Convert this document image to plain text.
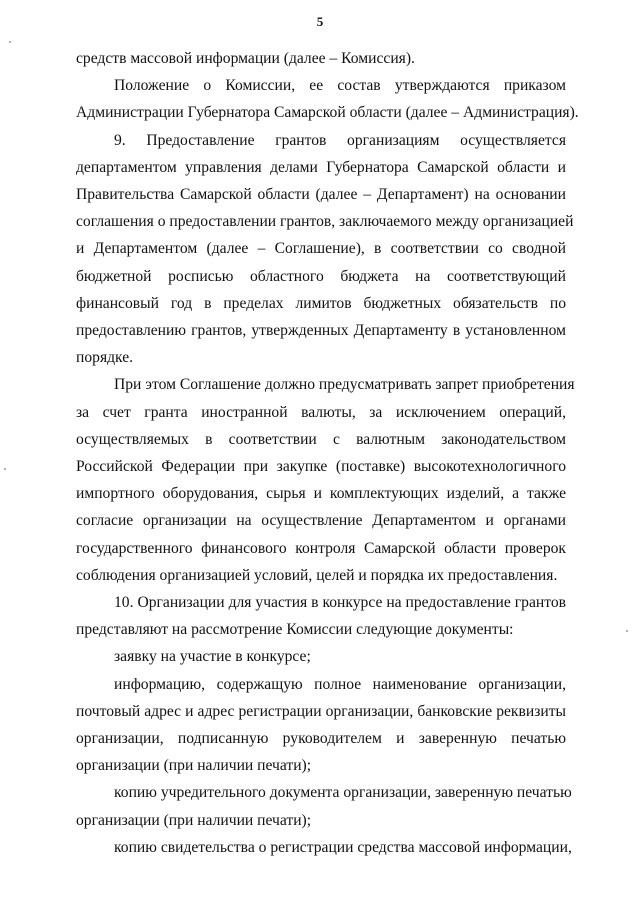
5

средств массовой информации (далее – Комиссия).

Положение о Комиссии, ее состав утверждаются приказом
Администрации Губернатора Самарской области (далее – Администрация).

9. Предоставление грантов организациям осуществляется
департаментом управления делами Губернатора Самарской области и
Правительства Самарской области (далее – Департамент) на основании
соглашения о предоставлении грантов, заключаемого между организацией
и Департаментом (далее – Соглашение), в соответствии со сводной
бюджетной росписью областного бюджета на соответствующий
финансовый год в пределах лимитов бюджетных обязательств по
предоставлению грантов, утвержденных Департаменту в установленном
порядке.

При этом Соглашение должно предусматривать запрет приобретения
за счет гранта иностранной валюты, за исключением операций,
осуществляемых в соответствии с валютным законодательством
Российской Федерации при закупке (поставке) высокотехнологичного
импортного оборудования, сырья и комплектующих изделий, а также
согласие организации на осуществление Департаментом и органами
государственного финансового контроля Самарской области проверок
соблюдения организацией условий, целей и порядка их предоставления.

10. Организации для участия в конкурсе на предоставление грантов
представляют на рассмотрение Комиссии следующие документы:

заявку на участие в конкурсе;

информацию, содержащую полное наименование организации,
почтовый адрес и адрес регистрации организации, банковские реквизиты
организации, подписанную руководителем и заверенную печатью
организации (при наличии печати);

копию учредительного документа организации, заверенную печатью
организации (при наличии печати);

копию свидетельства о регистрации средства массовой информации,
